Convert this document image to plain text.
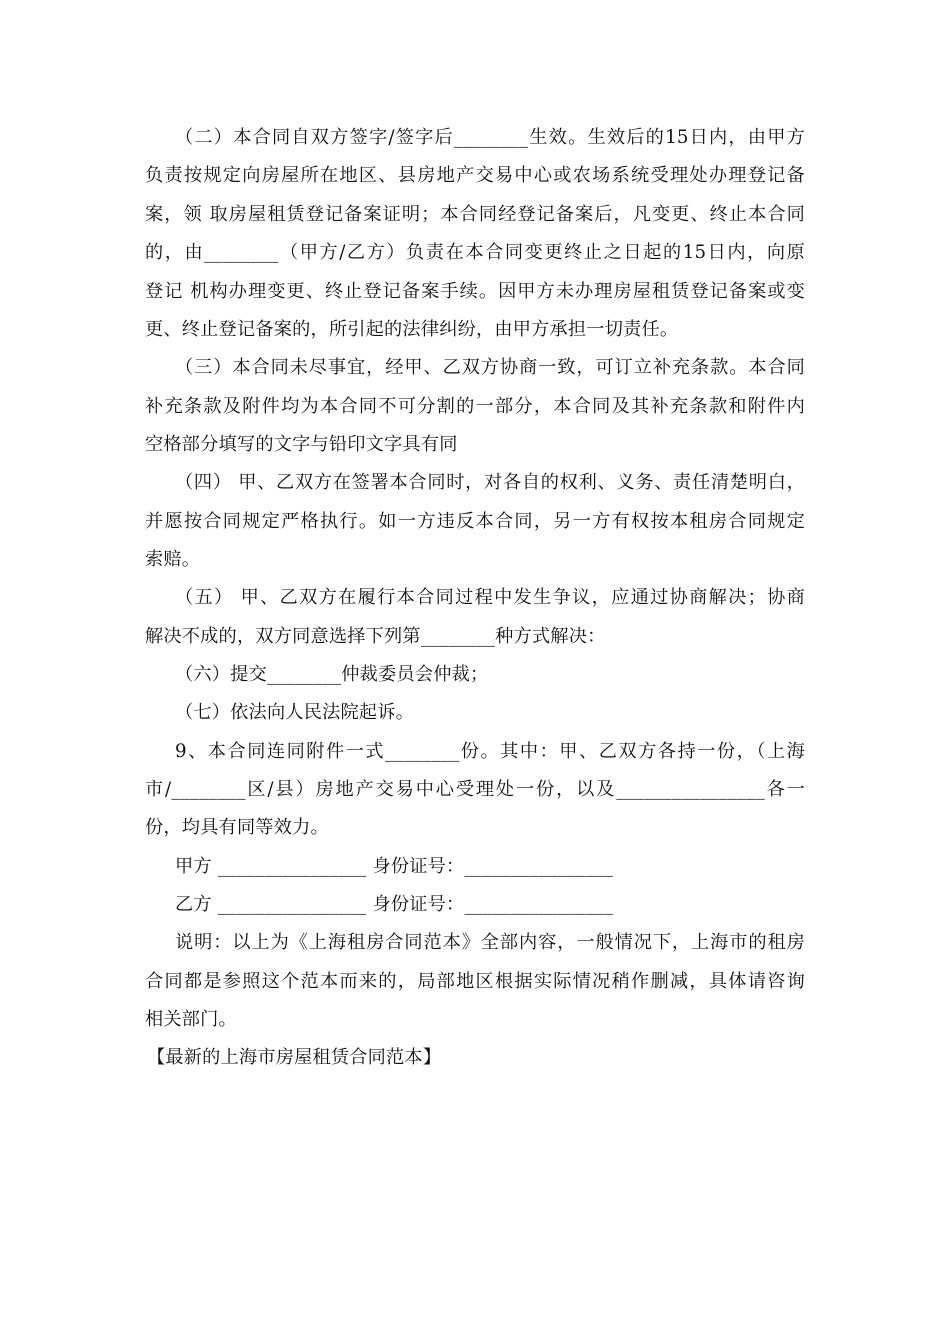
（二）本合同自双方签字/签字后________生效。生效后的15日内，由甲方
负责按规定向房屋所在地区、县房地产交易中心或农场系统受理处办理登记备
案，领 取房屋租赁登记备案证明；本合同经登记备案后，凡变更、终止本合同
的，由________（甲方/乙方）负责在本合同变更终止之日起的15日内，向原
登记 机构办理变更、终止登记备案手续。因甲方未办理房屋租赁登记备案或变
更、终止登记备案的，所引起的法律纠纷，由甲方承担一切责任。
（三）本合同未尽事宜，经甲、乙双方协商一致，可订立补充条款。本合同
补充条款及附件均为本合同不可分割的一部分，本合同及其补充条款和附件内
空格部分填写的文字与铅印文字具有同
（四） 甲、乙双方在签署本合同时，对各自的权利、义务、责任清楚明白，
并愿按合同规定严格执行。如一方违反本合同，另一方有权按本租房合同规定
索赔。
（五） 甲、乙双方在履行本合同过程中发生争议，应通过协商解决；协商
解决不成的，双方同意选择下列第________种方式解决：
（六）提交________仲裁委员会仲裁；
（七）依法向人民法院起诉。
9、本合同连同附件一式________份。其中：甲、乙双方各持一份，（上海
市/________区/县）房地产交易中心受理处一份，以及________________各一
份，均具有同等效力。
甲方 ________________ 身份证号：________________
乙方 ________________ 身份证号：________________
说明：以上为《上海租房合同范本》全部内容，一般情况下，上海市的租房
合同都是参照这个范本而来的，局部地区根据实际情况稍作删减，具体请咨询
相关部门。
【最新的上海市房屋租赁合同范本】
